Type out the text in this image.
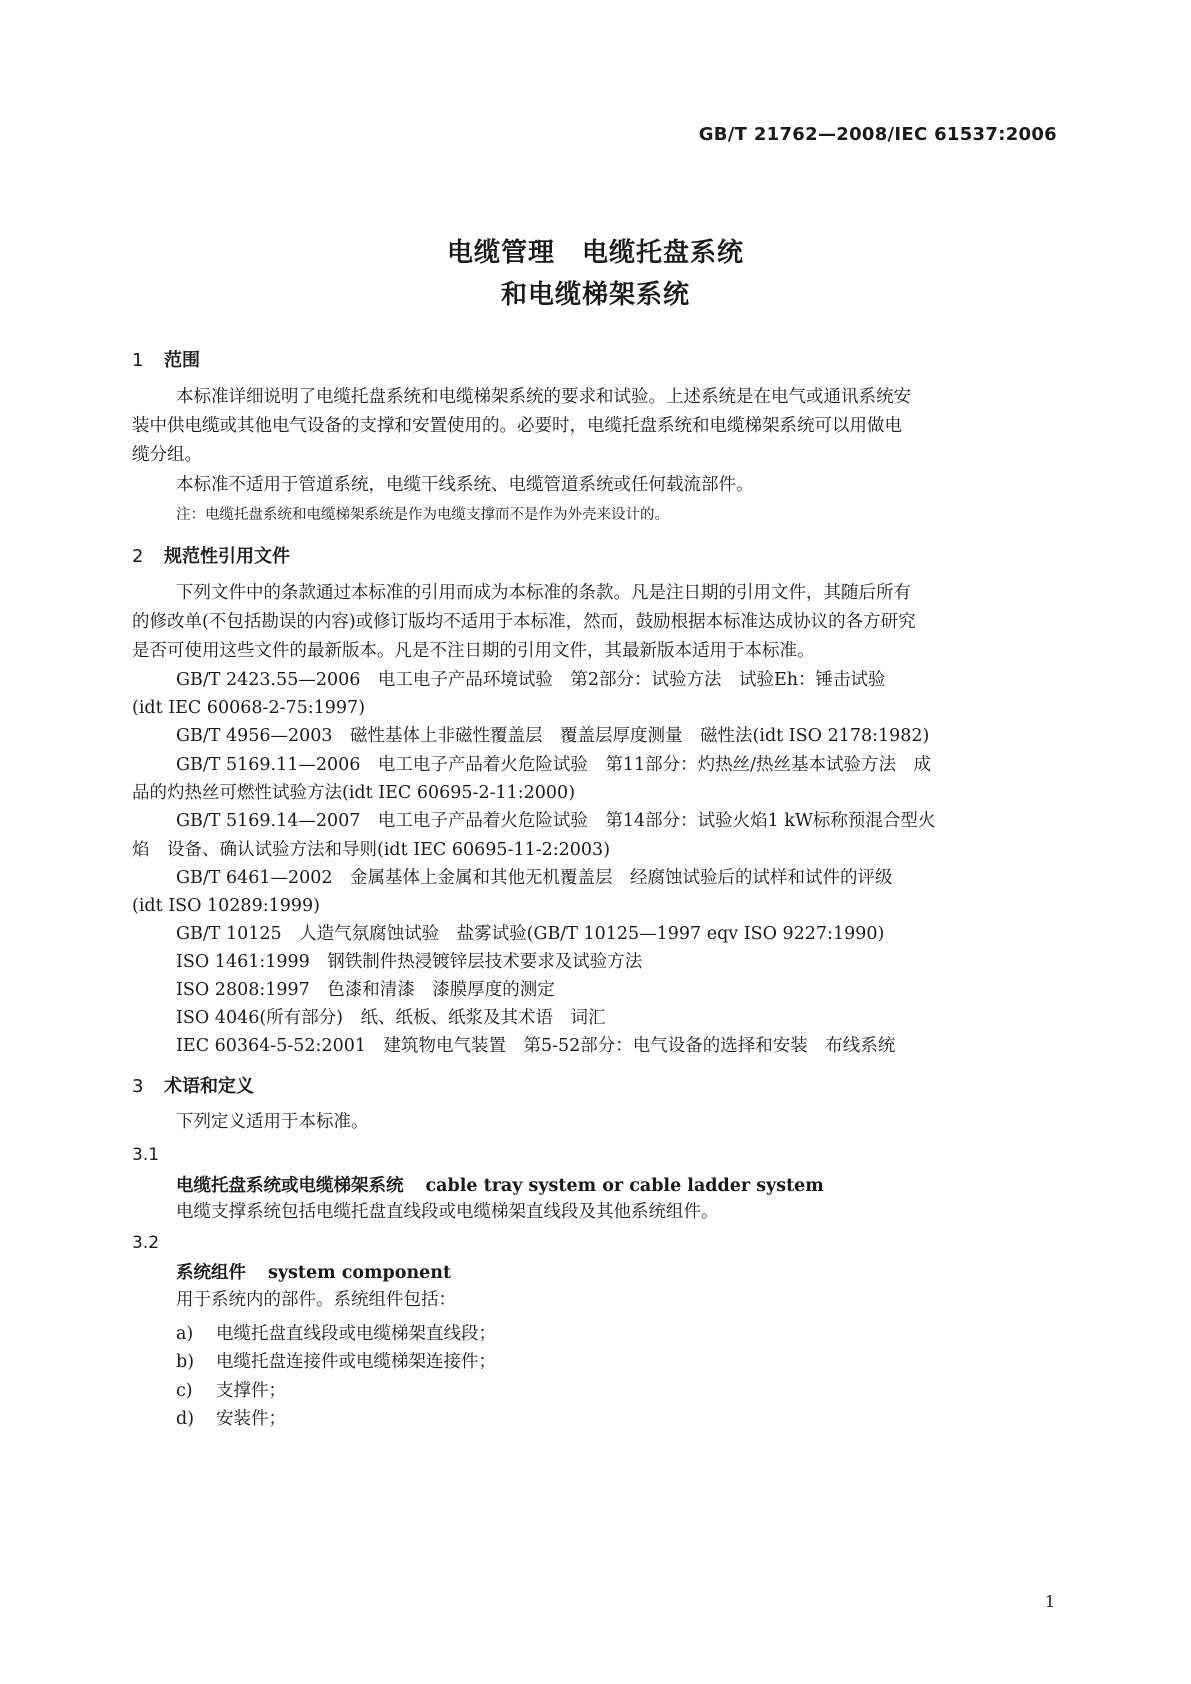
GB/T 21762—2008/IEC 61537:2006
电缆管理　电缆托盘系统
和电缆梯架系统
1 范围
本标准详细说明了电缆托盘系统和电缆梯架系统的要求和试验。上述系统是在电气或通讯系统安
装中供电缆或其他电气设备的支撑和安置使用的。必要时，电缆托盘系统和电缆梯架系统可以用做电
缆分组。
本标准不适用于管道系统，电缆干线系统、电缆管道系统或任何载流部件。
注：电缆托盘系统和电缆梯架系统是作为电缆支撑而不是作为外壳来设计的。
2 规范性引用文件
下列文件中的条款通过本标准的引用而成为本标准的条款。凡是注日期的引用文件，其随后所有
的修改单(不包括勘误的内容)或修订版均不适用于本标准，然而，鼓励根据本标准达成协议的各方研究
是否可使用这些文件的最新版本。凡是不注日期的引用文件，其最新版本适用于本标准。
GB/T 2423.55—2006　电工电子产品环境试验　第2部分：试验方法　试验Eh：锤击试验
(idt IEC 60068-2-75:1997)
GB/T 4956—2003　磁性基体上非磁性覆盖层　覆盖层厚度测量　磁性法(idt ISO 2178:1982)
GB/T 5169.11—2006　电工电子产品着火危险试验　第11部分：灼热丝/热丝基本试验方法　成
品的灼热丝可燃性试验方法(idt IEC 60695-2-11:2000)
GB/T 5169.14—2007　电工电子产品着火危险试验　第14部分：试验火焰1 kW标称预混合型火
焰　设备、确认试验方法和导则(idt IEC 60695-11-2:2003)
GB/T 6461—2002　金属基体上金属和其他无机覆盖层　经腐蚀试验后的试样和试件的评级
(idt ISO 10289:1999)
GB/T 10125　人造气氛腐蚀试验　盐雾试验(GB/T 10125—1997 eqv ISO 9227:1990)
ISO 1461:1999　钢铁制件热浸镀锌层技术要求及试验方法
ISO 2808:1997　色漆和清漆　漆膜厚度的测定
ISO 4046(所有部分)　纸、纸板、纸浆及其术语　词汇
IEC 60364-5-52:2001　建筑物电气装置　第5-52部分：电气设备的选择和安装　布线系统
3 术语和定义
下列定义适用于本标准。
3.1
电缆托盘系统或电缆梯架系统 cable tray system or cable ladder system
电缆支撑系统包括电缆托盘直线段或电缆梯架直线段及其他系统组件。
3.2
系统组件 system component
用于系统内的部件。系统组件包括：
a) 电缆托盘直线段或电缆梯架直线段；
b) 电缆托盘连接件或电缆梯架连接件；
c) 支撑件；
d) 安装件；
1
